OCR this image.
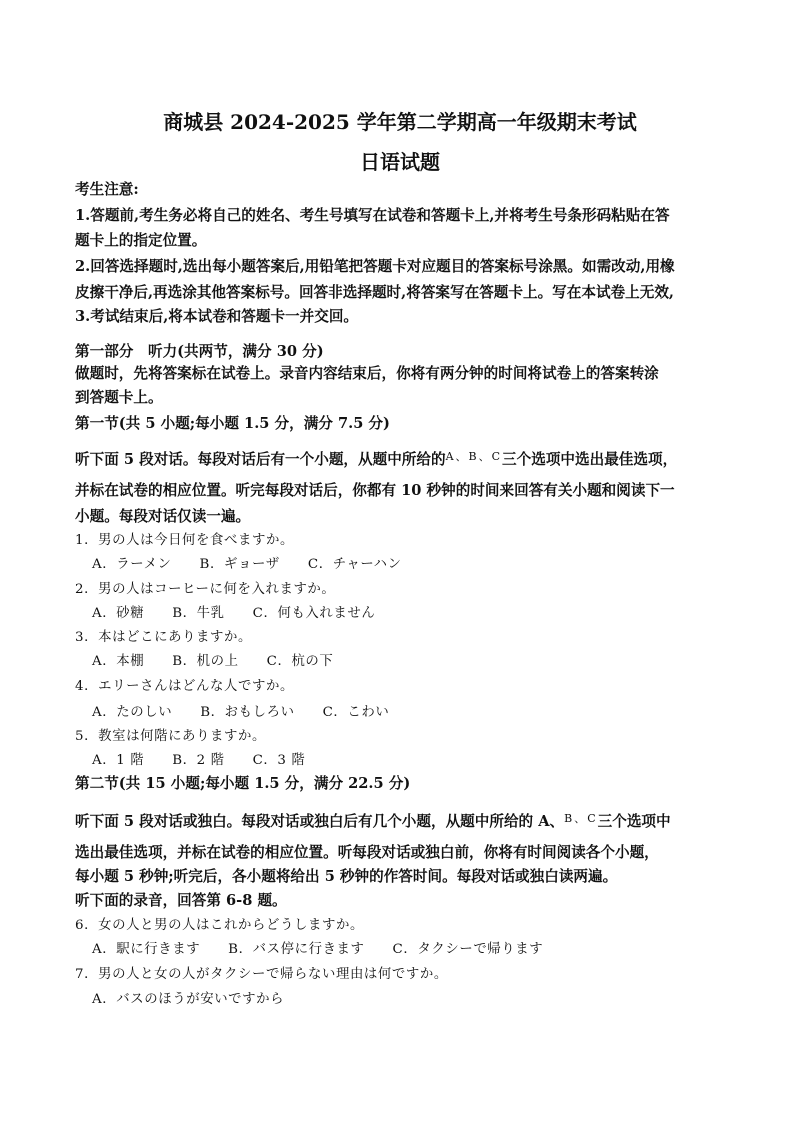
商城县 2024-2025 学年第二学期高一年级期末考试
日语试题
考生注意:
1.答题前,考生务必将自己的姓名、考生号填写在试卷和答题卡上,并将考生号条形码粘贴在答
题卡上的指定位置。
2.回答选择题时,选出每小题答案后,用铅笔把答题卡对应题目的答案标号涂黑。如需改动,用橡
皮擦干净后,再选涂其他答案标号。回答非选择题时,将答案写在答题卡上。写在本试卷上无效,
3.考试结束后,将本试卷和答题卡一并交回。
第一部分　听力(共两节，满分 30 分)
做题时，先将答案标在试卷上。录音内容结束后，你将有两分钟的时间将试卷上的答案转涂
到答题卡上。
第一节(共 5 小题;每小题 1.5 分，满分 7.5 分)
听下面 5 段对话。每段对话后有一个小题，从题中所给的$^{A、B、C}$三个选项中选出最佳选项，
并标在试卷的相应位置。听完每段对话后，你都有 10 秒钟的时间来回答有关小题和阅读下一
小题。每段对话仅读一遍。
1．男の人は今日何を食べますか。
A．ラーメン　　B．ギョーザ　　C．チャーハン
2．男の人はコーヒーに何を入れますか。
A．砂糖　　B．牛乳　　C．何も入れません
3．本はどこにありますか。
A．本棚　　B．机の上　　C．杭の下
4．エリーさんはどんな人ですか。
A．たのしい　　B．おもしろい　　C．こわい
5．教室は何階にありますか。
A．1 階　　B．2 階　　C．3 階
第二节(共 15 小题;每小题 1.5 分，满分 22.5 分)
听下面 5 段对话或独白。每段对话或独白后有几个小题，从题中所给的 A、$^{B、C}$三个选项中
选出最佳选项，并标在试卷的相应位置。听每段对话或独白前，你将有时间阅读各个小题，
每小题 5 秒钟;听完后，各小题将给出 5 秒钟的作答时间。每段对话或独白读两遍。
听下面的录音，回答第 6-8 题。
6．女の人と男の人はこれからどうしますか。
A．駅に行きます　　B．バス停に行きます　　C．タクシーで帰ります
7．男の人と女の人がタクシーで帰らない理由は何ですか。
A．バスのほうが安いですから
